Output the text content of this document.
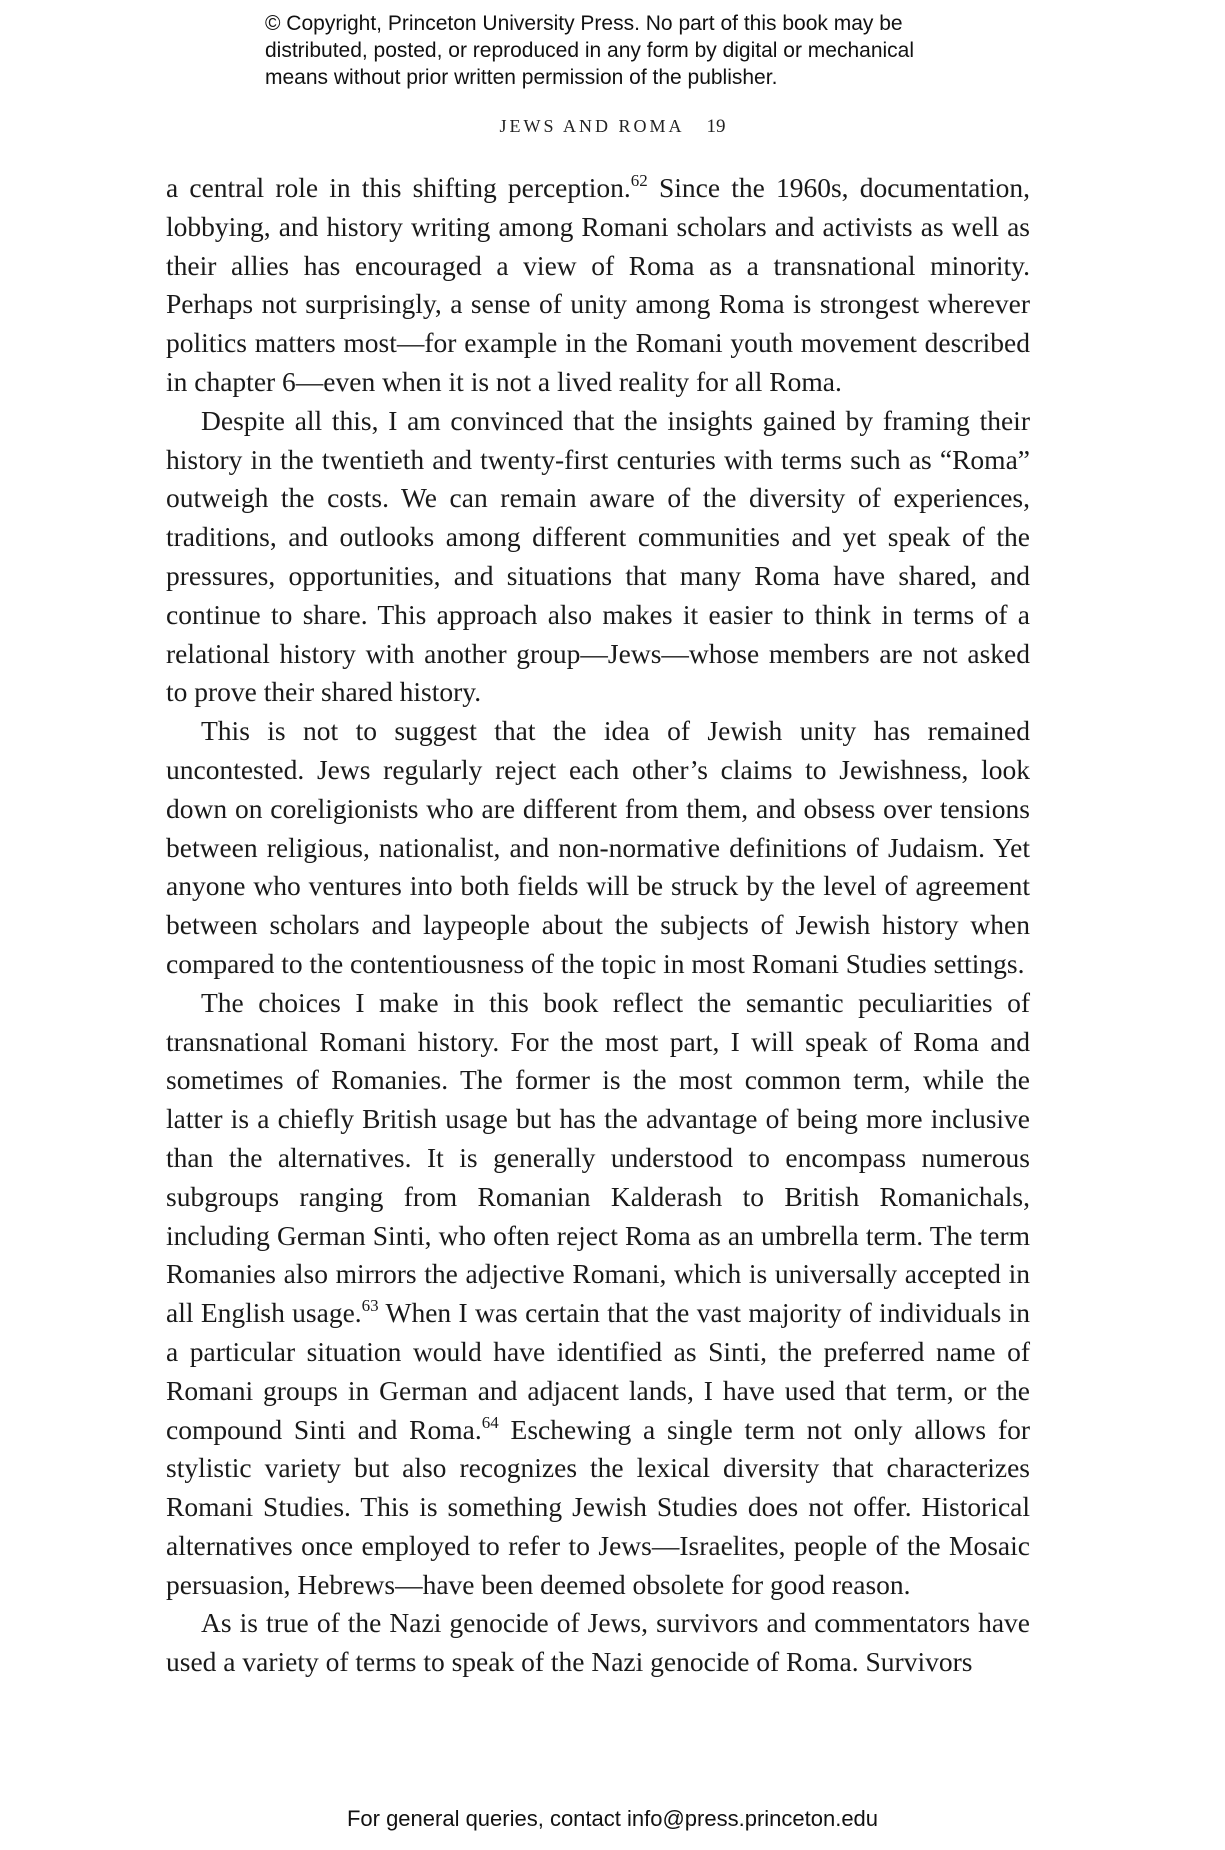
© Copyright, Princeton University Press. No part of this book may be
distributed, posted, or reproduced in any form by digital or mechanical
means without prior written permission of the publisher.
JEWS AND ROMA 19

a central role in this shifting perception.$^{62}$ Since the 1960s, documentation, lobbying, and history writing among Romani scholars and activists as well as their allies has encouraged a view of Roma as a transnational minority. Perhaps not surprisingly, a sense of unity among Roma is strongest wherever politics matters most—for example in the Romani youth movement described in chapter 6—even when it is not a lived reality for all Roma.

Despite all this, I am convinced that the insights gained by framing their history in the twentieth and twenty-first centuries with terms such as “Roma” outweigh the costs. We can remain aware of the diversity of experiences, traditions, and outlooks among different communities and yet speak of the pressures, opportunities, and situations that many Roma have shared, and continue to share. This approach also makes it easier to think in terms of a relational history with another group—Jews—whose members are not asked to prove their shared history.

This is not to suggest that the idea of Jewish unity has remained uncontested. Jews regularly reject each other’s claims to Jewishness, look down on coreligionists who are different from them, and obsess over tensions between religious, nationalist, and non-normative definitions of Judaism. Yet anyone who ventures into both fields will be struck by the level of agreement between scholars and laypeople about the subjects of Jewish history when compared to the contentiousness of the topic in most Romani Studies settings.

The choices I make in this book reflect the semantic peculiarities of transnational Romani history. For the most part, I will speak of Roma and sometimes of Romanies. The former is the most common term, while the latter is a chiefly British usage but has the advantage of being more inclusive than the alternatives. It is generally understood to encompass numerous subgroups ranging from Romanian Kalderash to British Romanichals, including German Sinti, who often reject Roma as an umbrella term. The term Romanies also mirrors the adjective Romani, which is universally accepted in all English usage.$^{63}$ When I was certain that the vast majority of individuals in a particular situation would have identified as Sinti, the preferred name of Romani groups in German and adjacent lands, I have used that term, or the compound Sinti and Roma.$^{64}$ Eschewing a single term not only allows for stylistic variety but also recognizes the lexical diversity that characterizes Romani Studies. This is something Jewish Studies does not offer. Historical alternatives once employed to refer to Jews—Israelites, people of the Mosaic persuasion, Hebrews—have been deemed obsolete for good reason.

As is true of the Nazi genocide of Jews, survivors and commentators have used a variety of terms to speak of the Nazi genocide of Roma. Survivors

For general queries, contact info@press.princeton.edu
